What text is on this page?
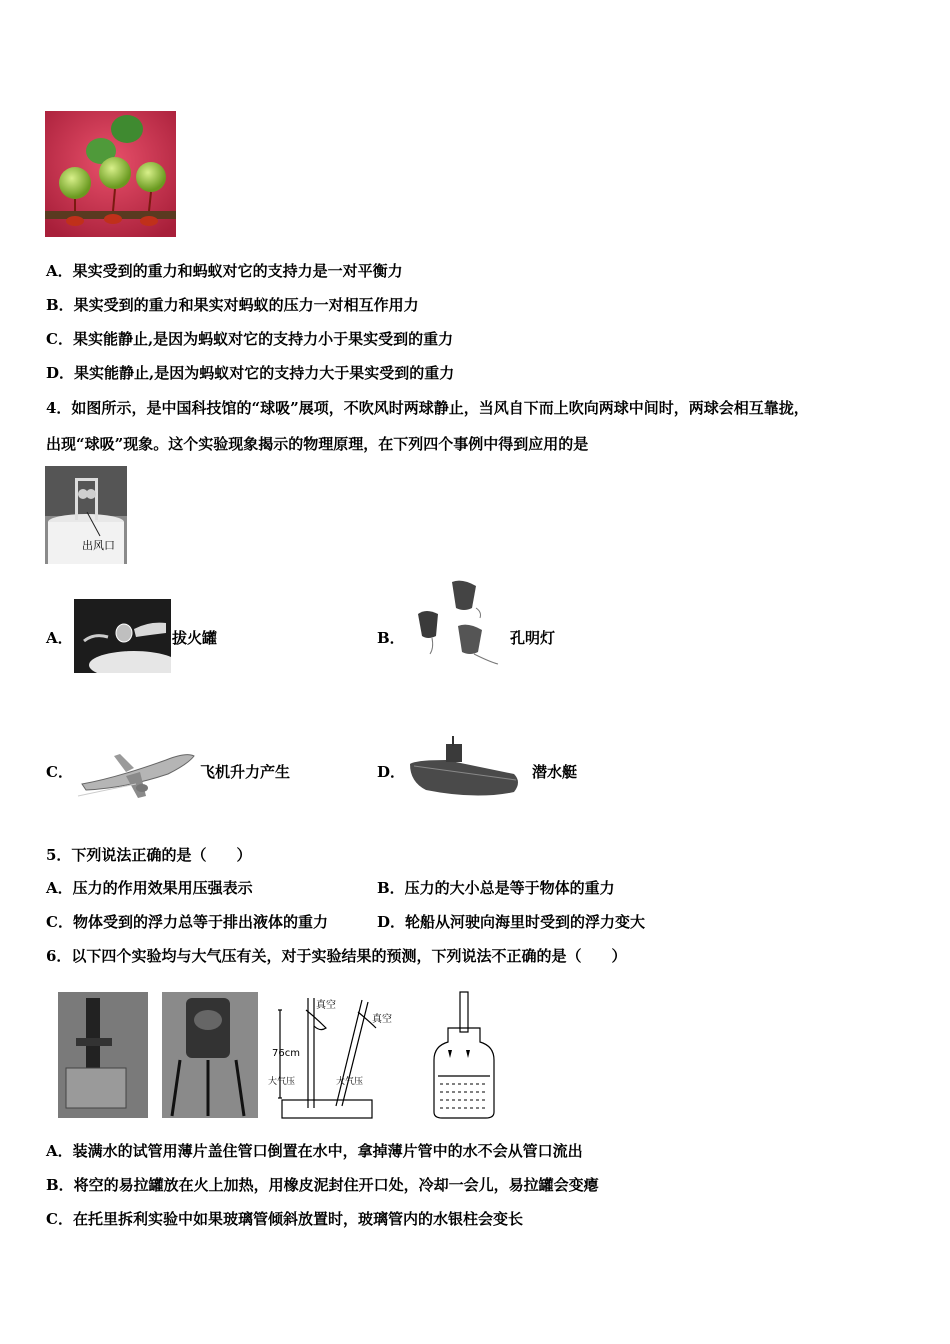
A．果实受到的重力和蚂蚁对它的支持力是一对平衡力
B．果实受到的重力和果实对蚂蚁的压力一对相互作用力
C．果实能静止,是因为蚂蚁对它的支持力小于果实受到的重力
D．果实能静止,是因为蚂蚁对它的支持力大于果实受到的重力
4．如图所示，是中国科技馆的“球吸”展项，不吹风时两球静止，当风自下而上吹向两球中间时，两球会相互靠拢，
出现“球吸”现象。这个实验现象揭示的物理原理，在下列四个事例中得到应用的是
出风口
A．	拔火罐	B．	孔明灯
C．	飞机升力产生	D．	潜水艇
5．下列说法正确的是（　　）
A．压力的作用效果用压强表示	B．压力的大小总是等于物体的重力
C．物体受到的浮力总等于排出液体的重力	D．轮船从河驶向海里时受到的浮力变大
6．以下四个实验均与大气压有关，对于实验结果的预测，下列说法不正确的是（　　）
真空
真空
76cm
大气压	大气压
A．装满水的试管用薄片盖住管口倒置在水中，拿掉薄片管中的水不会从管口流出
B．将空的易拉罐放在火上加热，用橡皮泥封住开口处，冷却一会儿，易拉罐会变瘪
C．在托里拆利实验中如果玻璃管倾斜放置时，玻璃管内的水银柱会变长
